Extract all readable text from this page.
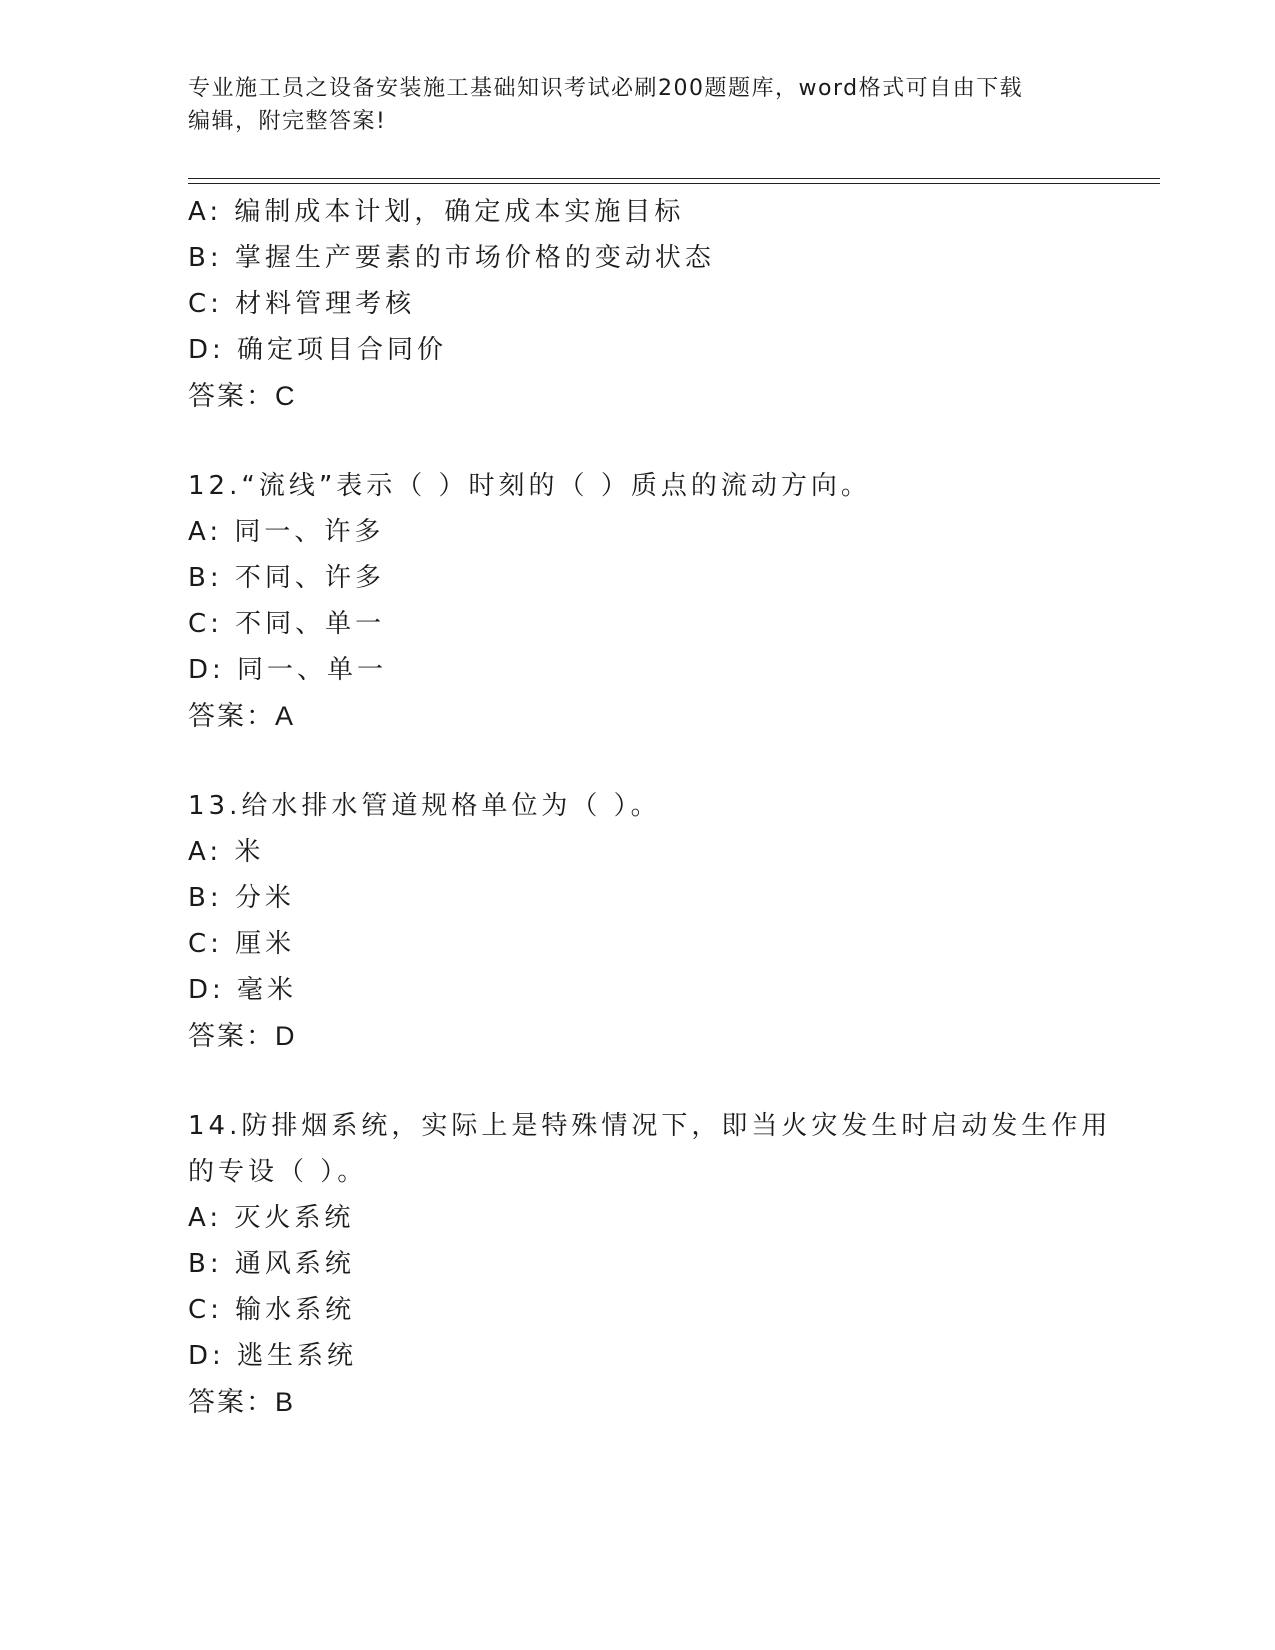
专业施工员之设备安装施工基础知识考试必刷200题题库，word格式可自由下载
编辑，附完整答案!
A: 编制成本计划，确定成本实施目标
B: 掌握生产要素的市场价格的变动状态
C: 材料管理考核
D: 确定项目合同价
答案：C
12.“流线”表示（ ）时刻的（ ）质点的流动方向。
A: 同一、许多
B: 不同、许多
C: 不同、单一
D: 同一、单一
答案：A
13.给水排水管道规格单位为（ ）。
A: 米
B: 分米
C: 厘米
D: 毫米
答案：D
14.防排烟系统，实际上是特殊情况下，即当火灾发生时启动发生作用
的专设（ ）。
A: 灭火系统
B: 通风系统
C: 输水系统
D: 逃生系统
答案：B
